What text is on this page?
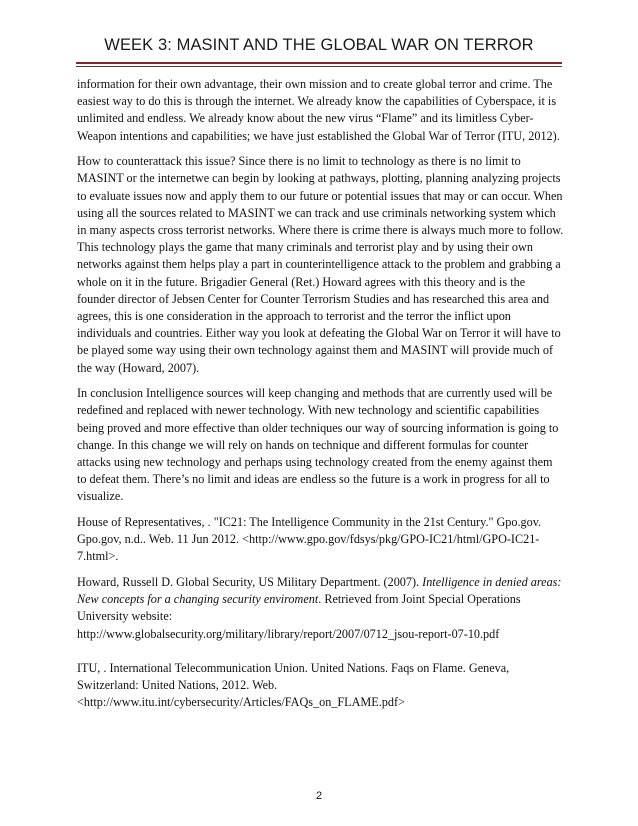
WEEK 3: MASINT AND THE GLOBAL WAR ON TERROR

information for their own advantage, their own mission and to create global terror and crime. The easiest way to do this is through the internet. We already know the capabilities of Cyberspace, it is unlimited and endless. We already know about the new virus “Flame” and its limitless Cyber-Weapon intentions and capabilities; we have just established the Global War of Terror (ITU, 2012).

How to counterattack this issue? Since there is no limit to technology as there is no limit to MASINT or the internetwe can begin by looking at pathways, plotting, planning analyzing projects to evaluate issues now and apply them to our future or potential issues that may or can occur. When using all the sources related to MASINT we can track and use criminals networking system which in many aspects cross terrorist networks. Where there is crime there is always much more to follow. This technology plays the game that many criminals and terrorist play and by using their own networks against them helps play a part in counterintelligence attack to the problem and grabbing a whole on it in the future. Brigadier General (Ret.) Howard agrees with this theory and is the founder director of Jebsen Center for Counter Terrorism Studies and has researched this area and agrees, this is one consideration in the approach to terrorist and the terror the inflict upon individuals and countries. Either way you look at defeating the Global War on Terror it will have to be played some way using their own technology against them and MASINT will provide much of the way (Howard, 2007).

In conclusion Intelligence sources will keep changing and methods that are currently used will be redefined and replaced with newer technology. With new technology and scientific capabilities being proved and more effective than older techniques our way of sourcing information is going to change. In this change we will rely on hands on technique and different formulas for counter attacks using new technology and perhaps using technology created from the enemy against them to defeat them. There’s no limit and ideas are endless so the future is a work in progress for all to visualize.

House of Representatives, . "IC21: The Intelligence Community in the 21st Century." Gpo.gov. Gpo.gov, n.d.. Web. 11 Jun 2012. <http://www.gpo.gov/fdsys/pkg/GPO-IC21/html/GPO-IC21-7.html>.

Howard, Russell D. Global Security, US Military Department. (2007). Intelligence in denied areas: New concepts for a changing security enviroment. Retrieved from Joint Special Operations University website:
http://www.globalsecurity.org/military/library/report/2007/0712_jsou-report-07-10.pdf

ITU, . International Telecommunication Union. United Nations. Faqs on Flame. Geneva, Switzerland: United Nations, 2012. Web.
<http://www.itu.int/cybersecurity/Articles/FAQs_on_FLAME.pdf>

2
